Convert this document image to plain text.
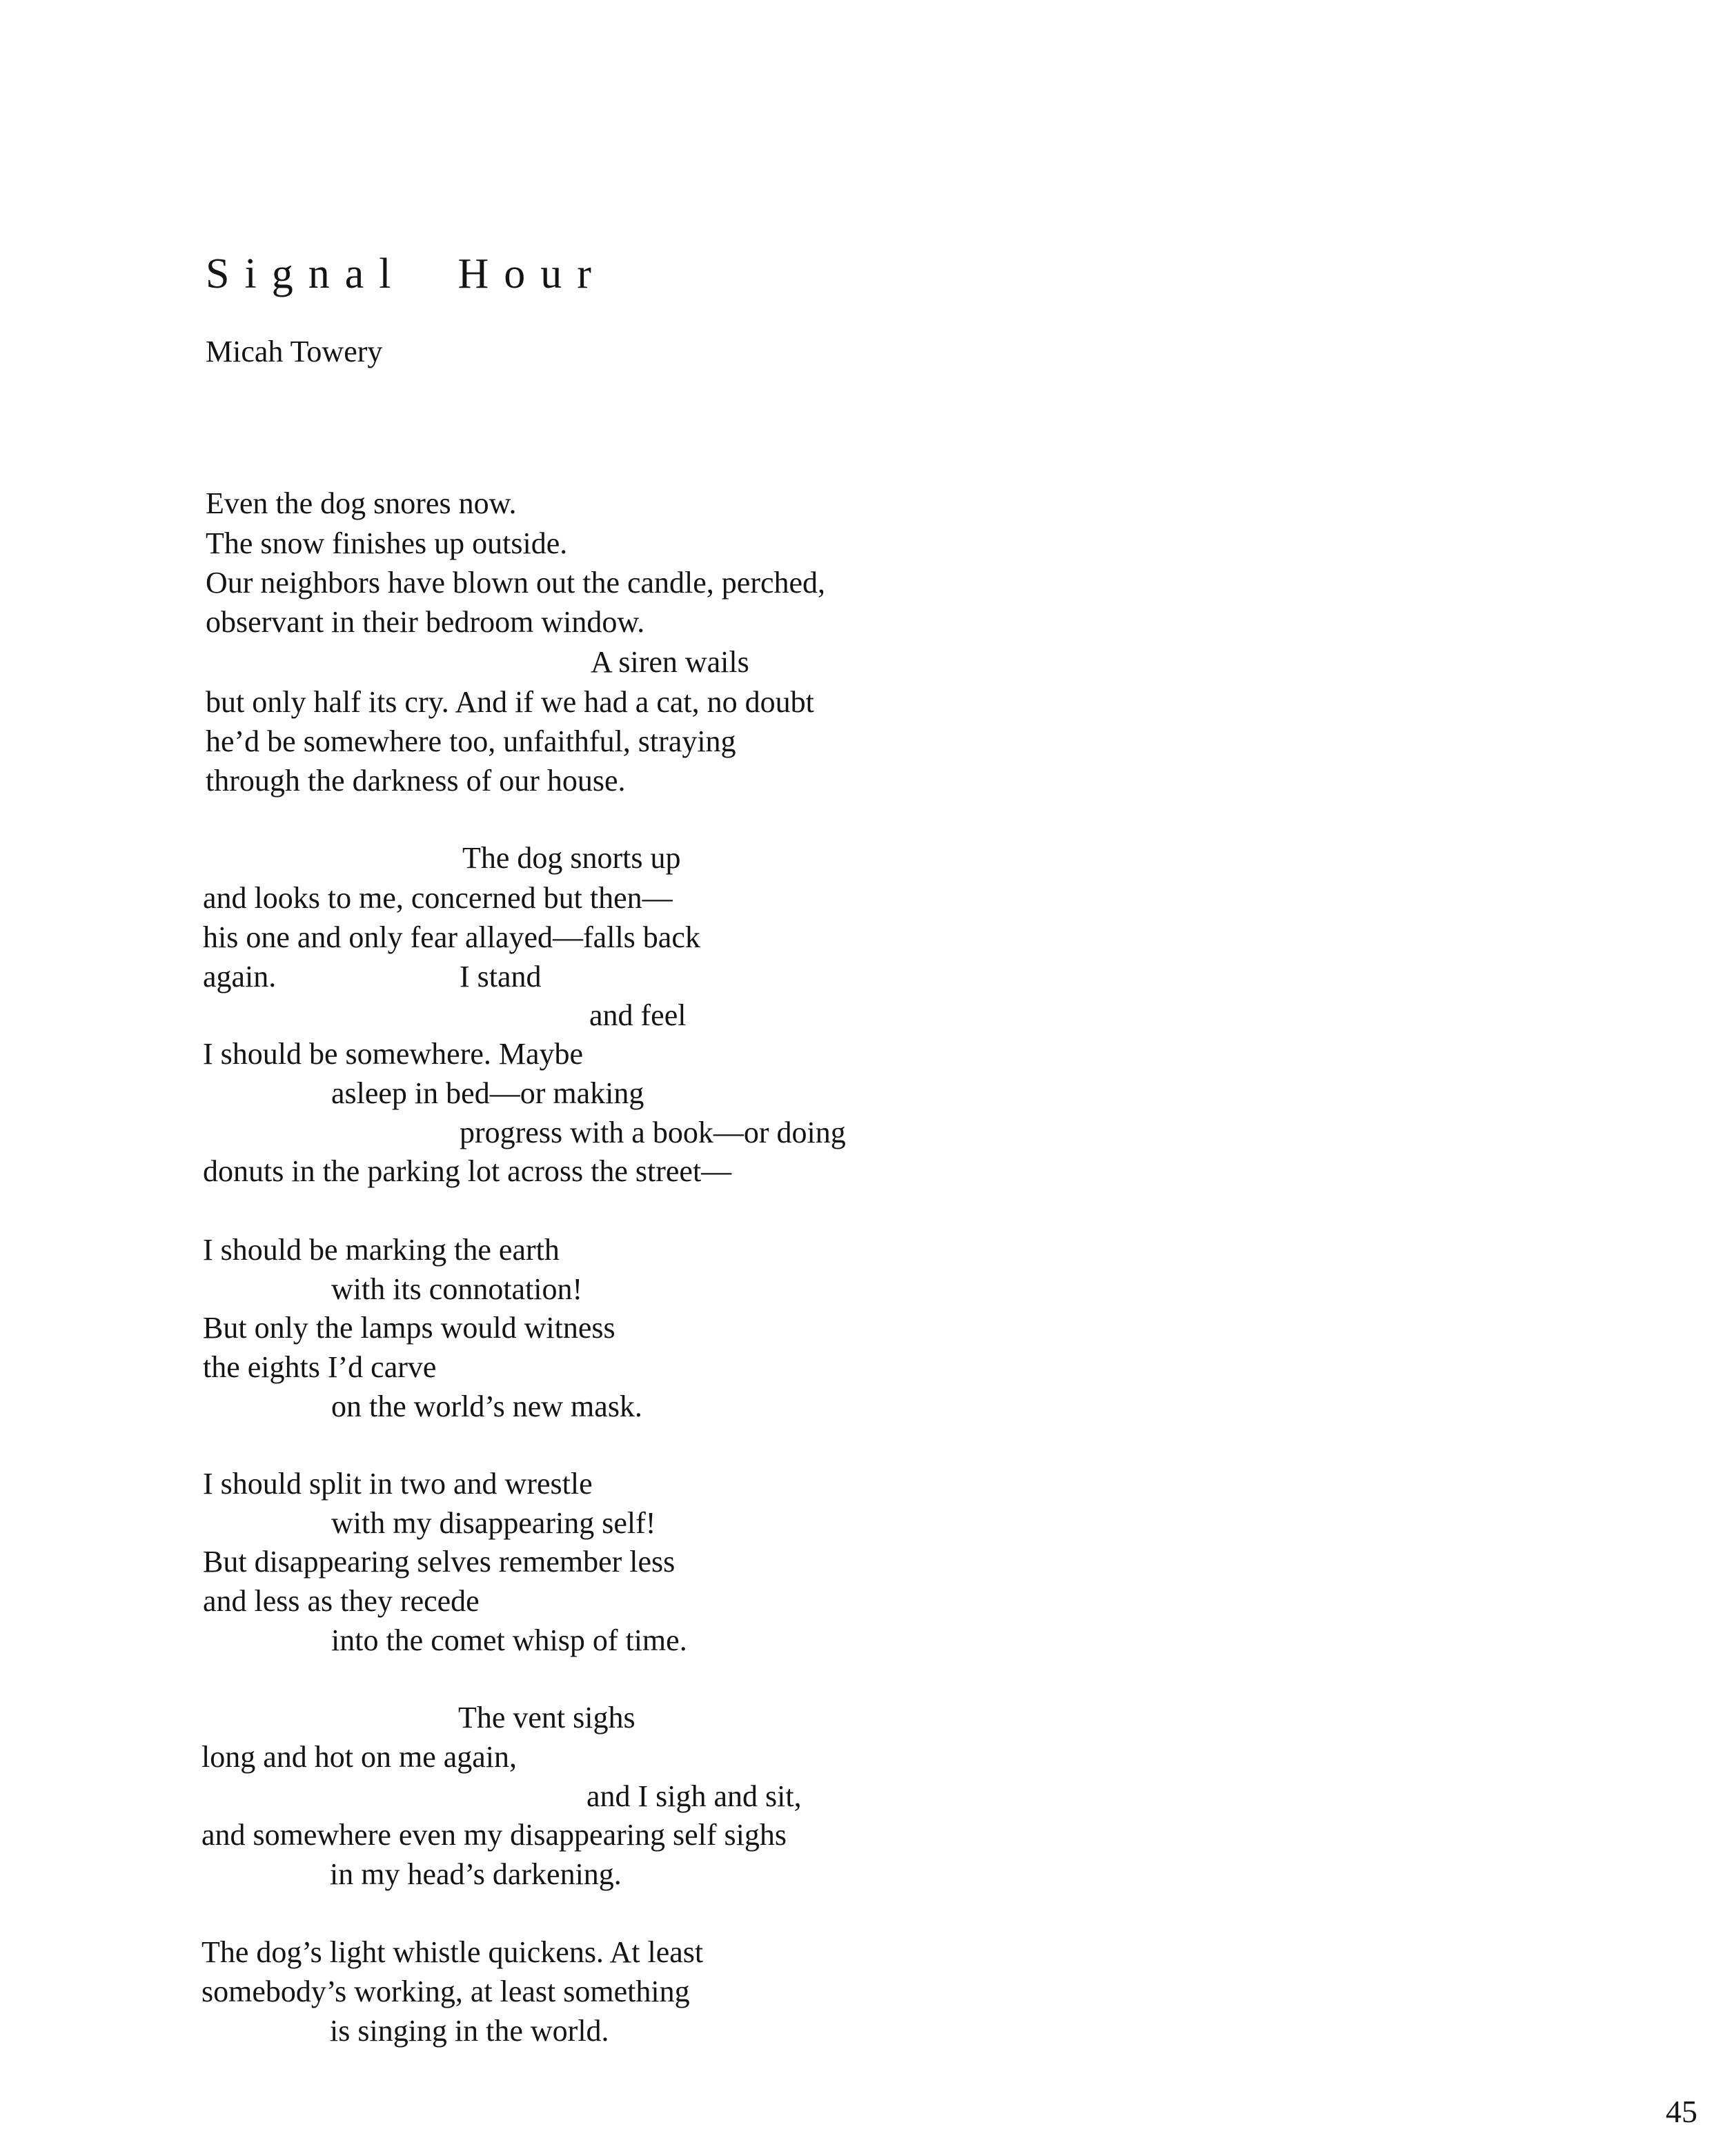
Signal  Hour
Micah Towery
Even the dog snores now.
The snow finishes up outside.
Our neighbors have blown out the candle, perched,
observant in their bedroom window.
A siren wails
but only half its cry. And if we had a cat, no doubt
he’d be somewhere too, unfaithful, straying
through the darkness of our house.
The dog snorts up
and looks to me, concerned but then—
his one and only fear allayed—falls back
again.	I stand
and feel
I should be somewhere. Maybe
asleep in bed—or making
progress with a book—or doing
donuts in the parking lot across the street—
I should be marking the earth
with its connotation!
But only the lamps would witness
the eights I’d carve
on the world’s new mask.
I should split in two and wrestle
with my disappearing self!
But disappearing selves remember less
and less as they recede
into the comet whisp of time.
The vent sighs
long and hot on me again,
and I sigh and sit,
and somewhere even my disappearing self sighs
in my head’s darkening.
The dog’s light whistle quickens. At least
somebody’s working, at least something
is singing in the world.
45
